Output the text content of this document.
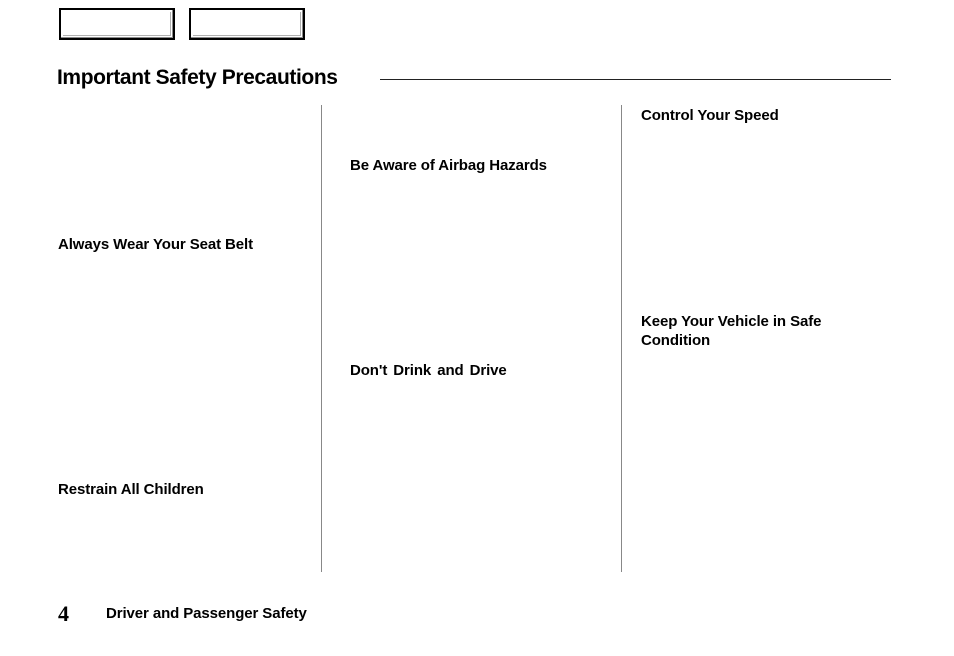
Important Safety Precautions
Always Wear Your Seat Belt
Restrain All Children
Be Aware of Airbag Hazards
Don't Drink and Drive
Control Your Speed
Keep Your Vehicle in Safe Condition
4 Driver and Passenger Safety
